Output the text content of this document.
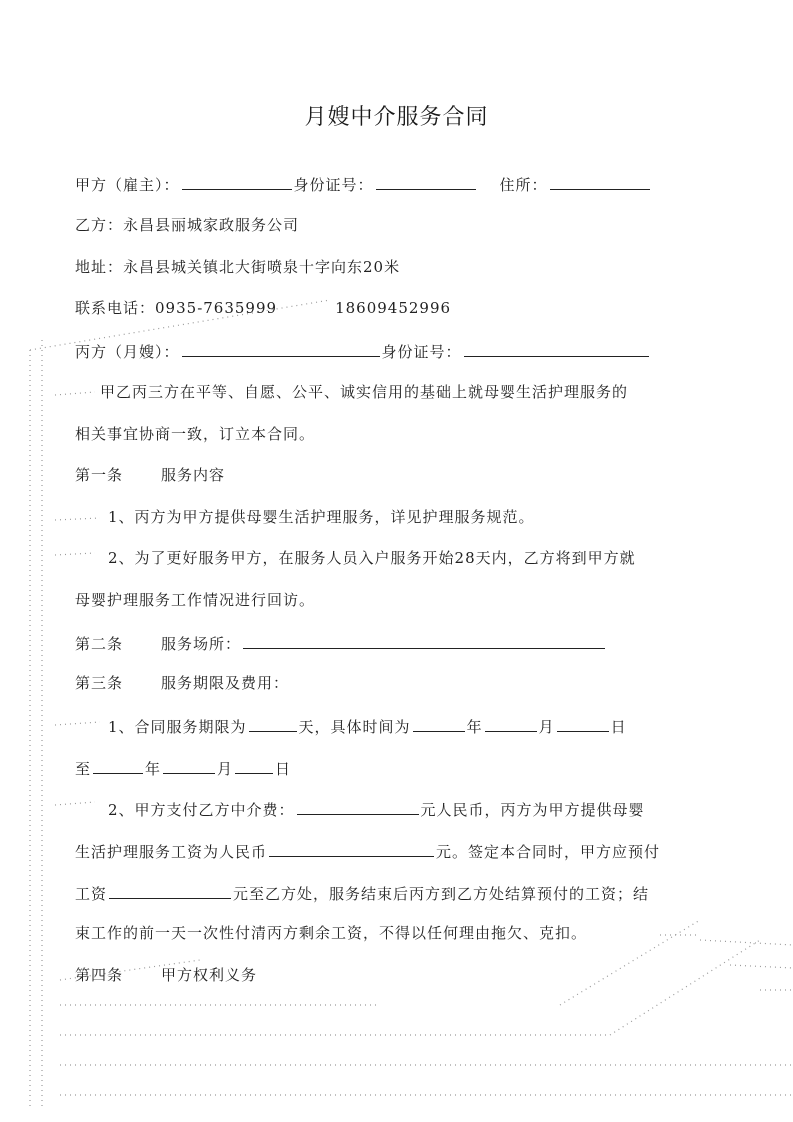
月嫂中介服务合同
甲方（雇主）：	身份证号：	住所：
乙方：永昌县丽城家政服务公司
地址：永昌县城关镇北大街喷泉十字向东20米
联系电话：0935-7635999	18609452996
丙方（月嫂）：	身份证号：
甲乙丙三方在平等、自愿、公平、诚实信用的基础上就母婴生活护理服务的
相关事宜协商一致，订立本合同。
第一条	服务内容
1、丙方为甲方提供母婴生活护理服务，详见护理服务规范。
2、为了更好服务甲方，在服务人员入户服务开始28天内，乙方将到甲方就
母婴护理服务工作情况进行回访。
第二条	服务场所：
第三条	服务期限及费用：
1、合同服务期限为	天，具体时间为	年	月	日
至	年	月	日
2、甲方支付乙方中介费：	元人民币，丙方为甲方提供母婴
生活护理服务工资为人民币	元。签定本合同时，甲方应预付
工资	元至乙方处，服务结束后丙方到乙方处结算预付的工资；结
束工作的前一天一次性付清丙方剩余工资，不得以任何理由拖欠、克扣。
第四条	甲方权利义务
